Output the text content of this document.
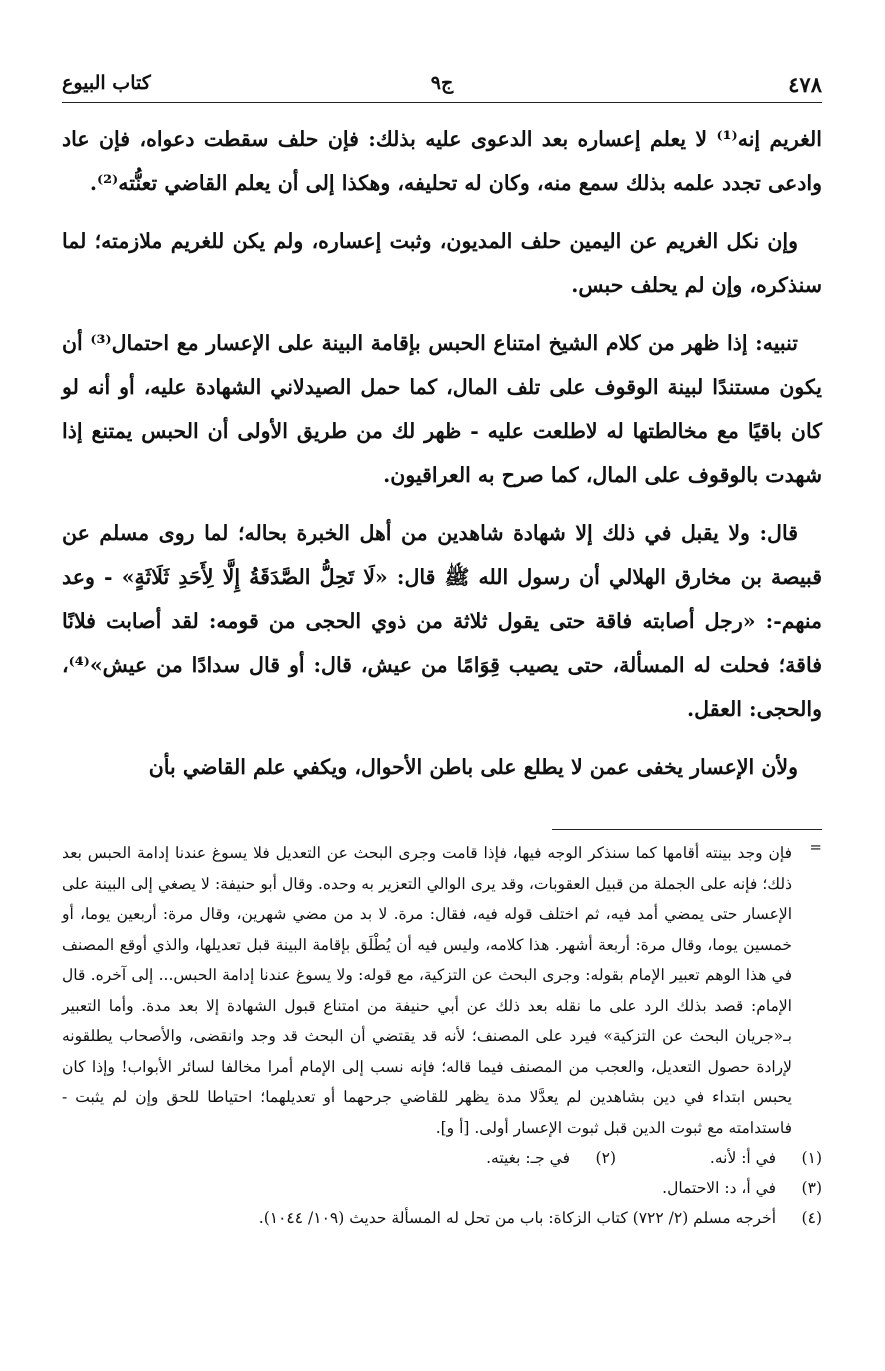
٤٧٨
ج٩
كتاب البيوع

الغريم إنه⁽¹⁾ لا يعلم إعساره بعد الدعوى عليه بذلك: فإن حلف سقطت دعواه، فإن عاد وادعى تجدد علمه بذلك سمع منه، وكان له تحليفه، وهكذا إلى أن يعلم القاضي تعنُّته⁽²⁾.

وإن نكل الغريم عن اليمين حلف المديون، وثبت إعساره، ولم يكن للغريم ملازمته؛ لما سنذكره، وإن لم يحلف حبس.

تنبيه: إذا ظهر من كلام الشيخ امتناع الحبس بإقامة البينة على الإعسار مع احتمال⁽³⁾ أن يكون مستندًا لبينة الوقوف على تلف المال، كما حمل الصيدلاني الشهادة عليه، أو أنه لو كان باقيًا مع مخالطتها له لاطلعت عليه - ظهر لك من طريق الأولى أن الحبس يمتنع إذا شهدت بالوقوف على المال، كما صرح به العراقيون.

قال: ولا يقبل في ذلك إلا شهادة شاهدين من أهل الخبرة بحاله؛ لما روى مسلم عن قبيصة بن مخارق الهلالي أن رسول الله ﷺ قال: «لَا تَحِلُّ الصَّدَقَةُ إِلَّا لِأَحَدِ ثَلَاثَةٍ» - وعد منهم-: «رجل أصابته فاقة حتى يقول ثلاثة من ذوي الحجى من قومه: لقد أصابت فلانًا فاقة؛ فحلت له المسألة، حتى يصيب قِوَامًا من عيش، قال: أو قال سدادًا من عيش»⁽⁴⁾، والحجى: العقل.

ولأن الإعسار يخفى عمن لا يطلع على باطن الأحوال، ويكفي علم القاضي بأن

=

فإن وجد بينته أقامها كما سنذكر الوجه فيها، فإذا قامت وجرى البحث عن التعديل فلا يسوغ عندنا إدامة الحبس بعد ذلك؛ فإنه على الجملة من قبيل العقوبات، وقد يرى الوالي التعزير به وحده. وقال أبو حنيفة: لا يصغي إلى البينة على الإعسار حتى يمضي أمد فيه، ثم اختلف قوله فيه، فقال: مرة. لا بد من مضي شهرين، وقال مرة: أربعين يوما، أو خمسين يوما، وقال مرة: أربعة أشهر. هذا كلامه، وليس فيه أن يُطْلَق بإقامة البينة قبل تعديلها، والذي أوقع المصنف في هذا الوهم تعبير الإمام بقوله: وجرى البحث عن التزكية، مع قوله: ولا يسوغ عندنا إدامة الحبس... إلى آخره. قال الإمام: قصد بذلك الرد على ما نقله بعد ذلك عن أبي حنيفة من امتناع قبول الشهادة إلا بعد مدة. وأما التعبير بـ«جريان البحث عن التزكية» فيرد على المصنف؛ لأنه قد يقتضي أن البحث قد وجد وانقضى، والأصحاب يطلقونه لإرادة حصول التعديل، والعجب من المصنف فيما قاله؛ فإنه نسب إلى الإمام أمرا مخالفا لسائر الأبواب! وإذا كان يحبس ابتداء في دين بشاهدين لم يعدَّلا مدة يظهر للقاضي جرحهما أو تعديلهما؛ احتياطا للحق وإن لم يثبت - فاستدامته مع ثبوت الدين قبل ثبوت الإعسار أولى. [أ و].

(١)
في أ: لأنه.
(٢)
في جـ: بغيته.
(٣)
في أ، د: الاحتمال.
(٤)
أخرجه مسلم (٢/ ٧٢٢) كتاب الزكاة: باب من تحل له المسألة حديث (١٠٩/ ١٠٤٤).
